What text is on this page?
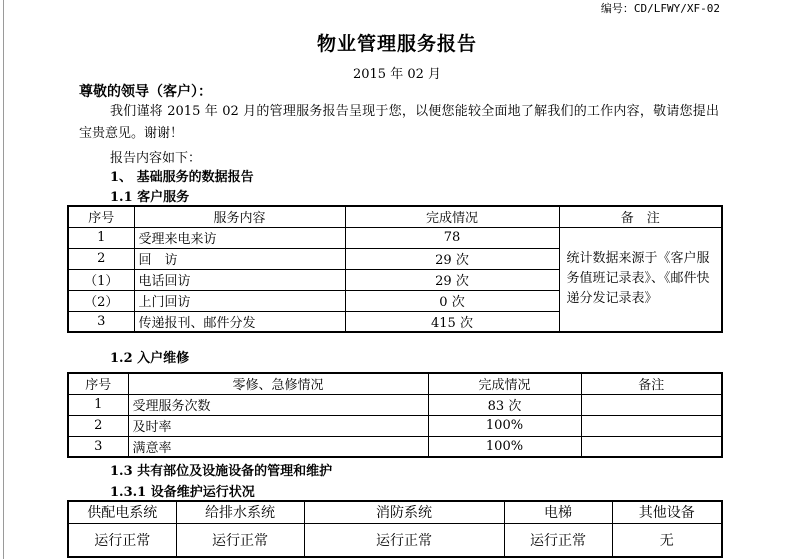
编号：CD/LFWY/XF-02
物业管理服务报告
2015 年 02 月
尊敬的领导（客户）：
我们谨将 2015 年 02 月的管理服务报告呈现于您，以便您能较全面地了解我们的工作内容，敬请您提出宝贵意见。谢谢！
报告内容如下：
1、 基础服务的数据报告
1.1 客户服务
序号	服务内容	完成情况	备　注
1	受理来电来访	78	统计数据来源于《客户服务值班记录表》、《邮件快递分发记录表》
2	回　访	29 次	
（1）	电话回访	29 次	
（2）	上门回访	0 次	
3	传递报刊、邮件分发	415 次	
1.2 入户维修
序号	零修、急修情况	完成情况	备注
1	受理服务次数	83 次	
2	及时率	100%	
3	满意率	100%	
1.3 共有部位及设施设备的管理和维护
1.3.1 设备维护运行状况
供配电系统	给排水系统	消防系统	电梯	其他设备
运行正常	运行正常	运行正常	运行正常	无
